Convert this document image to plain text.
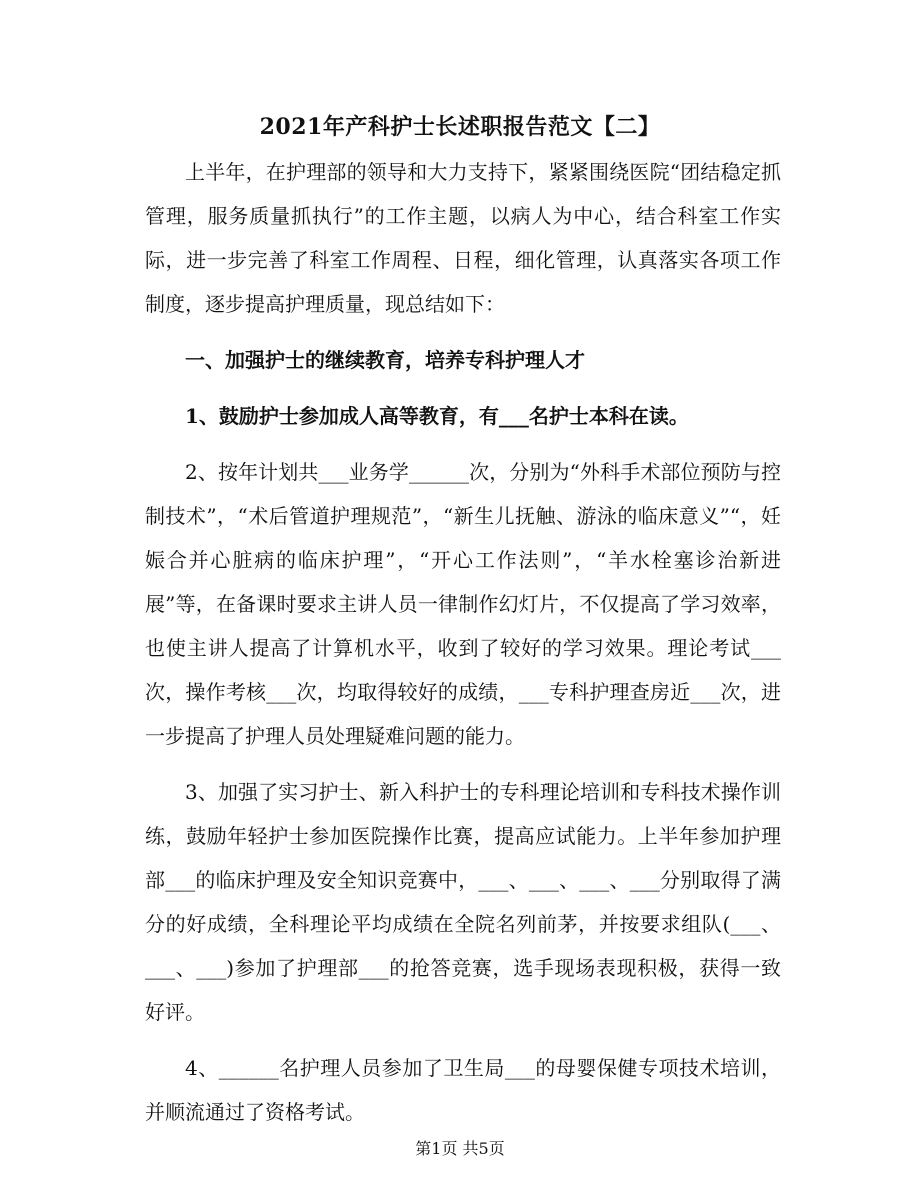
2021年产科护士长述职报告范文【二】

上半年，在护理部的领导和大力支持下，紧紧围绕医院“团结稳定抓管理，服务质量抓执行”的工作主题，以病人为中心，结合科室工作实际，进一步完善了科室工作周程、日程，细化管理，认真落实各项工作制度，逐步提高护理质量，现总结如下：

一、加强护士的继续教育，培养专科护理人才

1、鼓励护士参加成人高等教育，有___名护士本科在读。

2、按年计划共___业务学______次，分别为“外科手术部位预防与控制技术”，“术后管道护理规范”，“新生儿抚触、游泳的临床意义”“，妊娠合并心脏病的临床护理”，“开心工作法则”，“羊水栓塞诊治新进展”等，在备课时要求主讲人员一律制作幻灯片，不仅提高了学习效率，也使主讲人提高了计算机水平，收到了较好的学习效果。理论考试___次，操作考核___次，均取得较好的成绩，___专科护理查房近___次，进一步提高了护理人员处理疑难问题的能力。

3、加强了实习护士、新入科护士的专科理论培训和专科技术操作训练，鼓励年轻护士参加医院操作比赛，提高应试能力。上半年参加护理部___的临床护理及安全知识竞赛中，___、___、___、___分别取得了满分的好成绩，全科理论平均成绩在全院名列前茅，并按要求组队(___、___、___)参加了护理部___的抢答竞赛，选手现场表现积极，获得一致好评。

4、______名护理人员参加了卫生局___的母婴保健专项技术培训，并顺流通过了资格考试。

第1页 共5页
